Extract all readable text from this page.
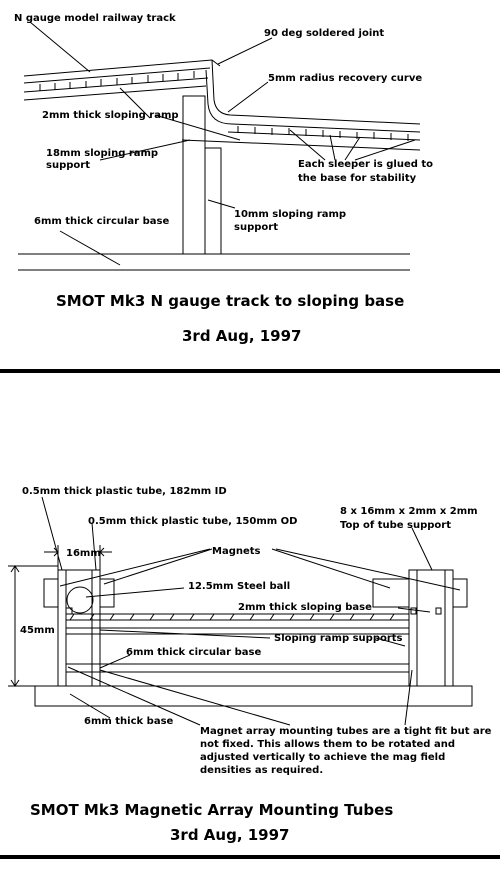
N gauge model railway track
90 deg soldered joint
5mm radius recovery curve
2mm thick sloping ramp
18mm sloping ramp
support	Each sleeper is glued to
the base for stability
6mm thick circular base
10mm sloping ramp
support
SMOT Mk3 N gauge track to sloping base
3rd Aug, 1997
0.5mm thick plastic tube, 182mm ID
0.5mm thick plastic tube, 150mm OD
8 x 16mm x 2mm x 2mm
Top of tube support
16mm	Magnets
12.5mm Steel ball
45mm
2mm thick sloping base
Sloping ramp supports
6mm thick circular base
6mm thick base
Magnet array mounting tubes are a tight fit but are
not fixed. This allows them to be rotated and
adjusted vertically to achieve the mag field
densities as required.
SMOT Mk3 Magnetic Array Mounting Tubes
3rd Aug, 1997
